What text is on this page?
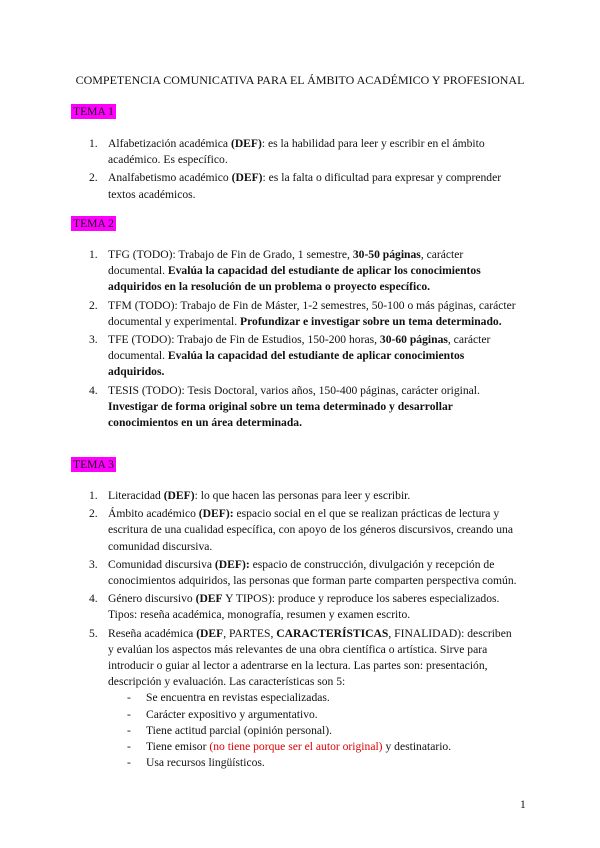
COMPETENCIA COMUNICATIVA PARA EL ÁMBITO ACADÉMICO Y PROFESIONAL
TEMA 1
1. Alfabetización académica (DEF): es la habilidad para leer y escribir en el ámbito académico. Es específico.
2. Analfabetismo académico (DEF): es la falta o dificultad para expresar y comprender textos académicos.
TEMA 2
1. TFG (TODO): Trabajo de Fin de Grado, 1 semestre, 30-50 páginas, carácter documental. Evalúa la capacidad del estudiante de aplicar los conocimientos adquiridos en la resolución de un problema o proyecto específico.
2. TFM (TODO): Trabajo de Fin de Máster, 1-2 semestres, 50-100 o más páginas, carácter documental y experimental. Profundizar e investigar sobre un tema determinado.
3. TFE (TODO): Trabajo de Fin de Estudios, 150-200 horas, 30-60 páginas, carácter documental. Evalúa la capacidad del estudiante de aplicar conocimientos adquiridos.
4. TESIS (TODO): Tesis Doctoral, varios años, 150-400 páginas, carácter original. Investigar de forma original sobre un tema determinado y desarrollar conocimientos en un área determinada.
TEMA 3
1. Literacidad (DEF): lo que hacen las personas para leer y escribir.
2. Ámbito académico (DEF): espacio social en el que se realizan prácticas de lectura y escritura de una cualidad específica, con apoyo de los géneros discursivos, creando una comunidad discursiva.
3. Comunidad discursiva (DEF): espacio de construcción, divulgación y recepción de conocimientos adquiridos, las personas que forman parte comparten perspectiva común.
4. Género discursivo (DEF Y TIPOS): produce y reproduce los saberes especializados. Tipos: reseña académica, monografía, resumen y examen escrito.
5. Reseña académica (DEF, PARTES, CARACTERÍSTICAS, FINALIDAD): describen y evalúan los aspectos más relevantes de una obra científica o artística. Sirve para introducir o guiar al lector a adentrarse en la lectura. Las partes son: presentación, descripción y evaluación. Las características son 5:
- Se encuentra en revistas especializadas.
- Carácter expositivo y argumentativo.
- Tiene actitud parcial (opinión personal).
- Tiene emisor (no tiene porque ser el autor original) y destinatario.
- Usa recursos lingüísticos.
1
